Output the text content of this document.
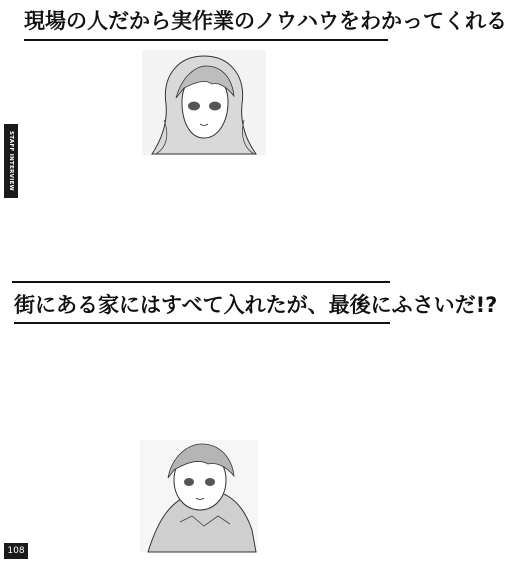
現場の人だから実作業のノウハウをわかってくれる
STAFF INTERVIEW

街にある家にはすべて入れたが、最後にふさいだ!?

108
